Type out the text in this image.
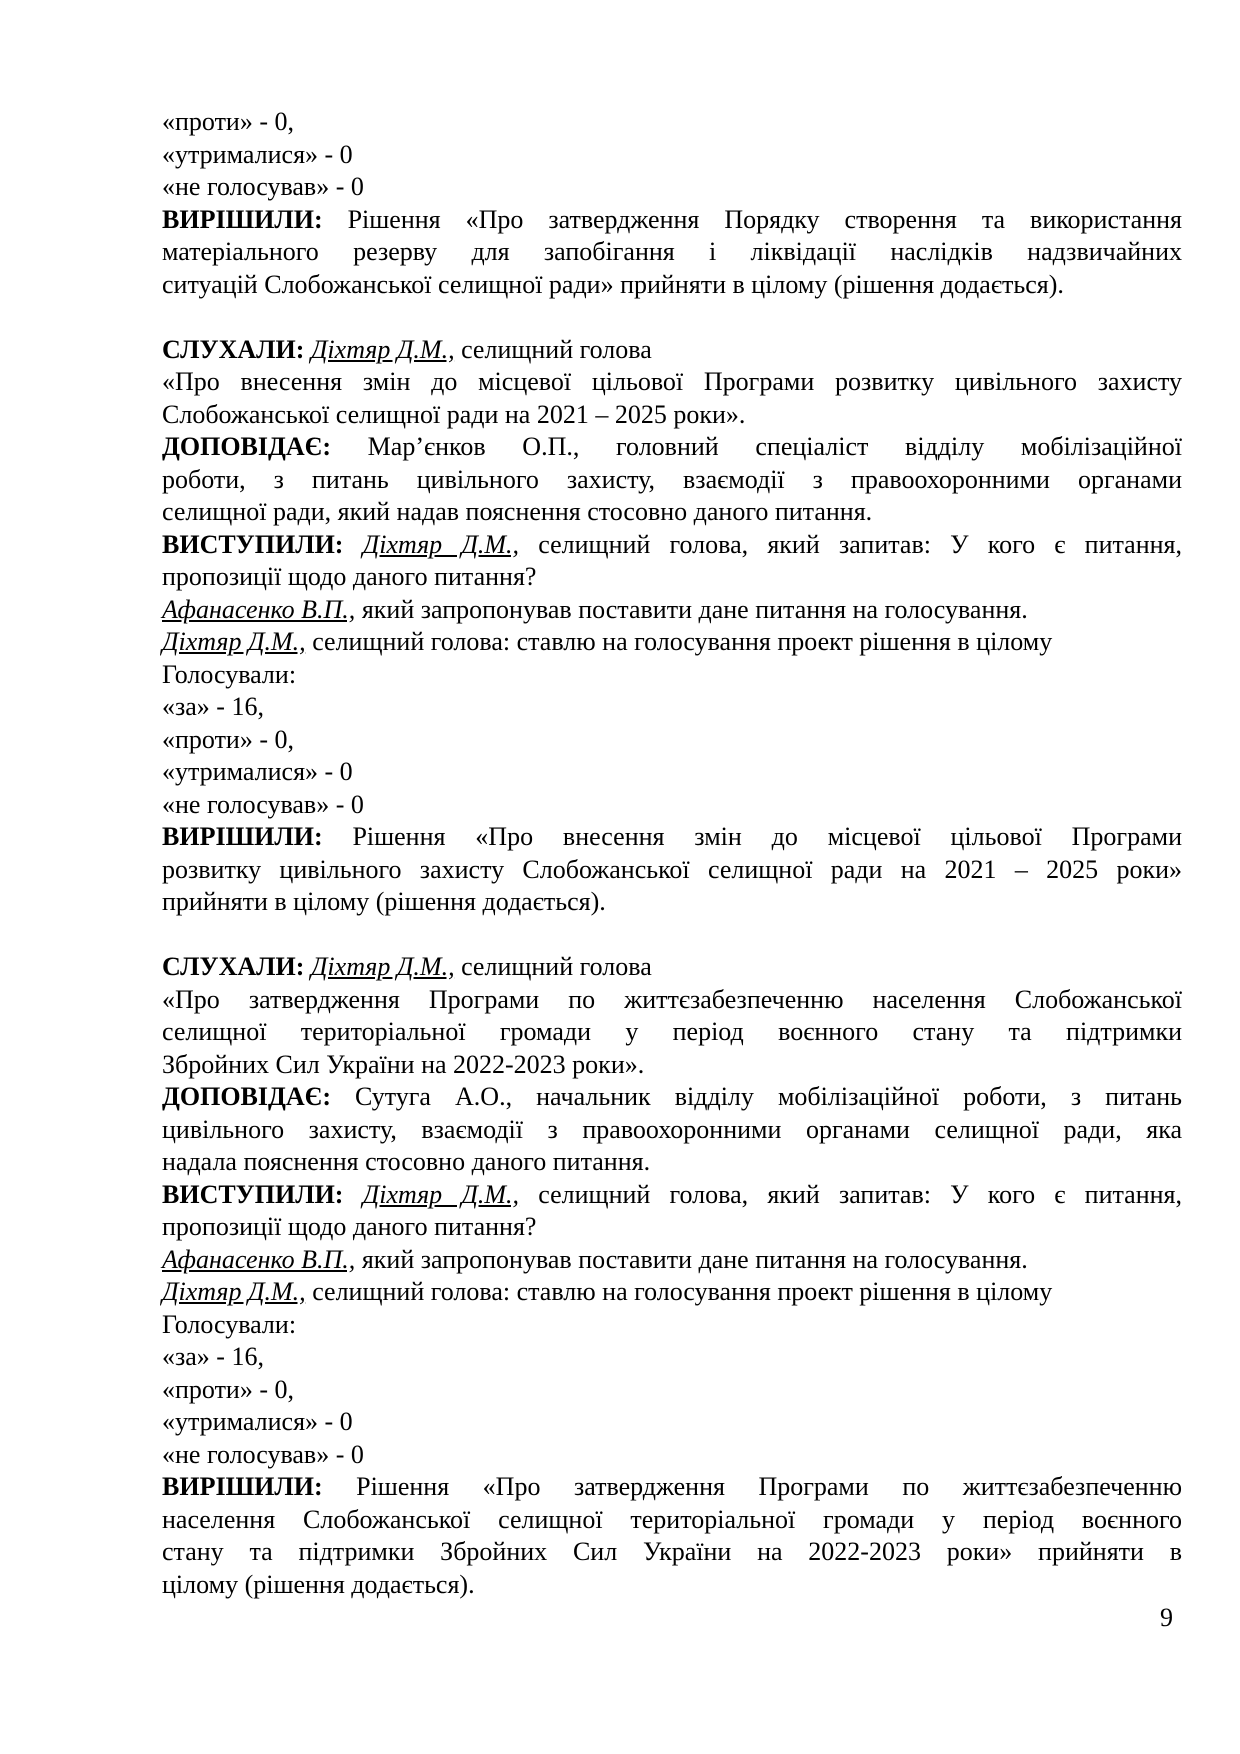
«проти» - 0,
«утрималися» - 0
«не голосував» - 0
ВИРІШИЛИ: Рішення «Про затвердження Порядку створення та використання
матеріального резерву для запобігання і ліквідації наслідків надзвичайних
ситуацій Слобожанської селищної ради» прийняти в цілому (рішення додається).
СЛУХАЛИ: Діхтяр Д.М., селищний голова
«Про внесення змін до місцевої цільової Програми розвитку цивільного захисту
Слобожанської селищної ради на 2021 – 2025 роки».
ДОПОВІДАЄ: Мар’єнков О.П., головний спеціаліст відділу мобілізаційної
роботи, з питань цивільного захисту, взаємодії з правоохоронними органами
селищної ради, який надав пояснення стосовно даного питання.
ВИСТУПИЛИ: Діхтяр Д.М., селищний голова, який запитав: У кого є питання,
пропозиції щодо даного питання?
Афанасенко В.П., який запропонував поставити дане питання на голосування.
Діхтяр Д.М., селищний голова: ставлю на голосування проект рішення в цілому
Голосували:
«за» - 16,
«проти» - 0,
«утрималися» - 0
«не голосував» - 0
ВИРІШИЛИ: Рішення «Про внесення змін до місцевої цільової Програми
розвитку цивільного захисту Слобожанської селищної ради на 2021 – 2025 роки»
прийняти в цілому (рішення додається).
СЛУХАЛИ: Діхтяр Д.М., селищний голова
«Про затвердження Програми по життєзабезпеченню населення Слобожанської
селищної територіальної громади у період воєнного стану та підтримки
Збройних Сил України на 2022-2023 роки».
ДОПОВІДАЄ: Сутуга А.О., начальник відділу мобілізаційної роботи, з питань
цивільного захисту, взаємодії з правоохоронними органами селищної ради, яка
надала пояснення стосовно даного питання.
ВИСТУПИЛИ: Діхтяр Д.М., селищний голова, який запитав: У кого є питання,
пропозиції щодо даного питання?
Афанасенко В.П., який запропонував поставити дане питання на голосування.
Діхтяр Д.М., селищний голова: ставлю на голосування проект рішення в цілому
Голосували:
«за» - 16,
«проти» - 0,
«утрималися» - 0
«не голосував» - 0
ВИРІШИЛИ: Рішення «Про затвердження Програми по життєзабезпеченню
населення Слобожанської селищної територіальної громади у період воєнного
стану та підтримки Збройних Сил України на 2022-2023 роки» прийняти в
цілому (рішення додається).
9
